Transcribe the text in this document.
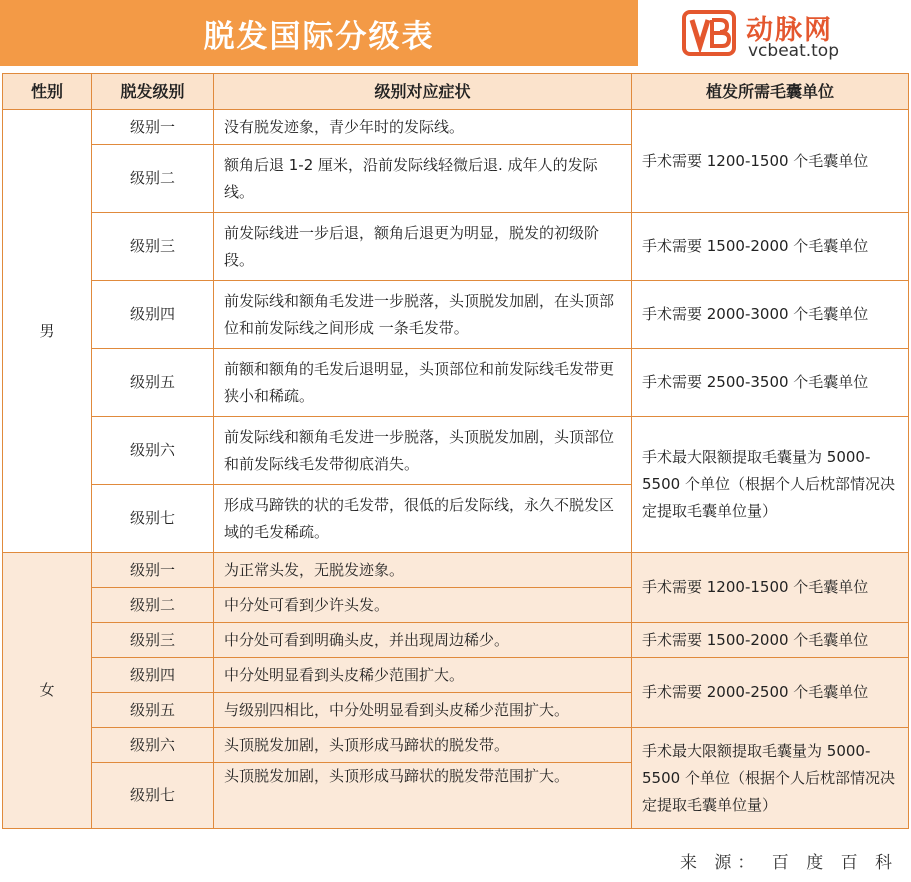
脱发国际分级表	动脉网
vcbeat.top
性别	脱发级别	级别对应症状	植发所需毛囊单位
男	级别一	没有脱发迹象，青少年时的发际线。	手术需要 1200-1500 个毛囊单位
	级别二	额角后退 1-2 厘米，沿前发际线轻微后退. 成年人的发际线。	
	级别三	前发际线进一步后退，额角后退更为明显，脱发的初级阶段。	手术需要 1500-2000 个毛囊单位
	级别四	前发际线和额角毛发进一步脱落，头顶脱发加剧，在头顶部位和前发际线之间形成 一条毛发带。	手术需要 2000-3000 个毛囊单位
	级别五	前额和额角的毛发后退明显，头顶部位和前发际线毛发带更狭小和稀疏。	手术需要 2500-3500 个毛囊单位
	级别六	前发际线和额角毛发进一步脱落，头顶脱发加剧，头顶部位和前发际线毛发带彻底消失。	手术最大限额提取毛囊量为 5000-5500 个单位（根据个人后枕部情况决定提取毛囊单位量）
	级别七	形成马蹄铁的状的毛发带，很低的后发际线，永久不脱发区域的毛发稀疏。	
女	级别一	为正常头发，无脱发迹象。	手术需要 1200-1500 个毛囊单位
	级别二	中分处可看到少许头发。	
	级别三	中分处可看到明确头皮，并出现周边稀少。	手术需要 1500-2000 个毛囊单位
	级别四	中分处明显看到头皮稀少范围扩大。	手术需要 2000-2500 个毛囊单位
	级别五	与级别四相比，中分处明显看到头皮稀少范围扩大。	
	级别六	头顶脱发加剧，头顶形成马蹄状的脱发带。	手术最大限额提取毛囊量为 5000-5500 个单位（根据个人后枕部情况决定提取毛囊单位量）
	级别七	头顶脱发加剧，头顶形成马蹄状的脱发带范围扩大。	
来 源： 百 度 百 科
